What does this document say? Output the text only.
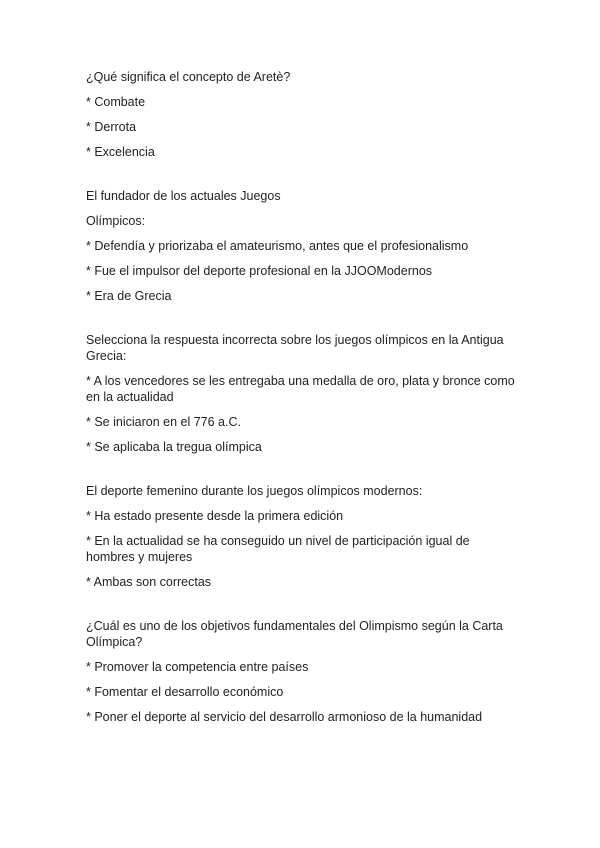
¿Qué significa el concepto de Aretè?

* Combate

* Derrota

* Excelencia

El fundador de los actuales Juegos

Olímpicos:

* Defendía y priorizaba el amateurismo, antes que el profesionalismo

* Fue el impulsor del deporte profesional en la JJOOModernos

* Era de Grecia

Selecciona la respuesta incorrecta sobre los juegos olímpicos en la Antigua Grecia:

* A los vencedores se les entregaba una medalla de oro, plata y bronce como en la actualidad

* Se iniciaron en el 776 a.C.

* Se aplicaba la tregua olímpica

El deporte femenino durante los juegos olímpicos modernos:

* Ha estado presente desde la primera edición

* En la actualidad se ha conseguido un nivel de participación igual de hombres y mujeres

* Ambas son correctas

¿Cuál es uno de los objetivos fundamentales del Olimpismo según la Carta Olímpica?

* Promover la competencia entre países

* Fomentar el desarrollo económico

* Poner el deporte al servicio del desarrollo armonioso de la humanidad
